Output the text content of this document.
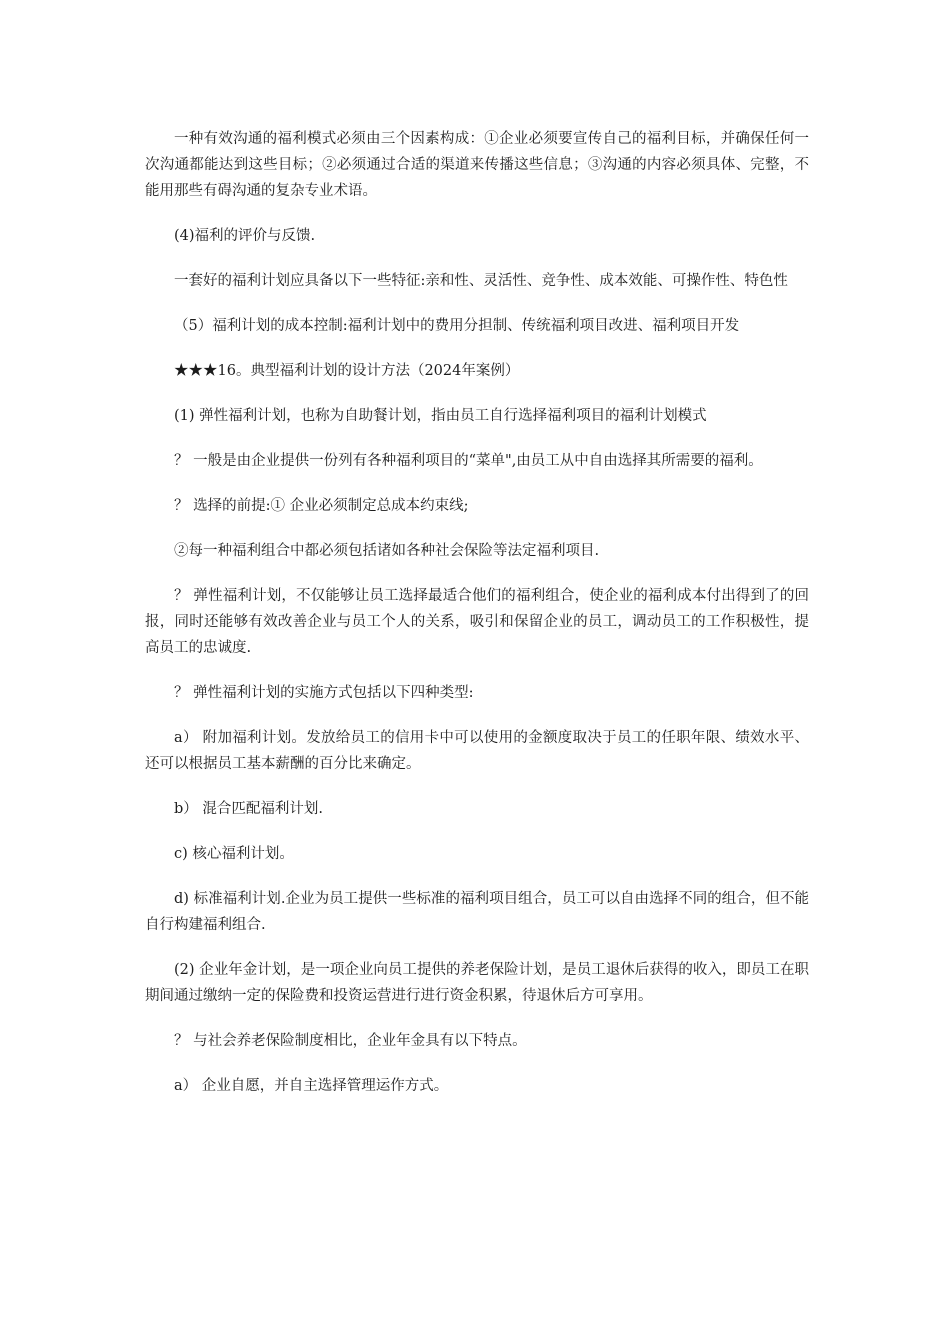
一种有效沟通的福利模式必须由三个因素构成：①企业必须要宣传自己的福利目标，并确保任何一次沟通都能达到这些目标；②必须通过合适的渠道来传播这些信息；③沟通的内容必须具体、完整，不能用那些有碍沟通的复杂专业术语。

(4)福利的评价与反馈.

一套好的福利计划应具备以下一些特征:亲和性、灵活性、竞争性、成本效能、可操作性、特色性

（5）福利计划的成本控制:福利计划中的费用分担制、传统福利项目改进、福利项目开发

★★★16。典型福利计划的设计方法（2024年案例）

(1) 弹性福利计划，也称为自助餐计划，指由员工自行选择福利项目的福利计划模式

？ 一般是由企业提供一份列有各种福利项目的“菜单",由员工从中自由选择其所需要的福利。

？ 选择的前提:① 企业必须制定总成本约束线;

②每一种福利组合中都必须包括诸如各种社会保险等法定福利项目.

？ 弹性福利计划，不仅能够让员工选择最适合他们的福利组合，使企业的福利成本付出得到了的回报，同时还能够有效改善企业与员工个人的关系，吸引和保留企业的员工，调动员工的工作积极性，提高员工的忠诚度.

？ 弹性福利计划的实施方式包括以下四种类型:

a） 附加福利计划。发放给员工的信用卡中可以使用的金额度取决于员工的任职年限、绩效水平、还可以根据员工基本薪酬的百分比来确定。

b） 混合匹配福利计划.

c) 核心福利计划。

d) 标准福利计划.企业为员工提供一些标准的福利项目组合，员工可以自由选择不同的组合，但不能自行构建福利组合.

(2) 企业年金计划，是一项企业向员工提供的养老保险计划，是员工退休后获得的收入，即员工在职期间通过缴纳一定的保险费和投资运营进行进行资金积累，待退休后方可享用。

？ 与社会养老保险制度相比，企业年金具有以下特点。

a） 企业自愿，并自主选择管理运作方式。
